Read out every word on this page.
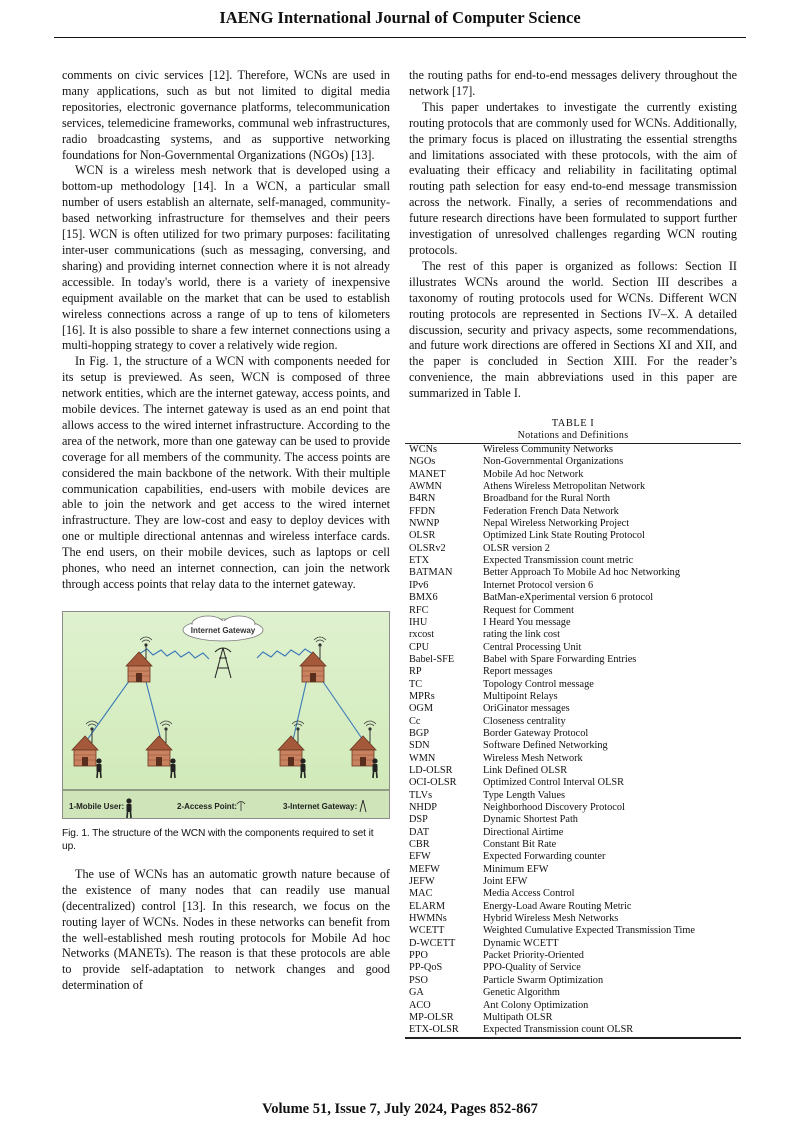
IAENG International Journal of Computer Science

comments on civic services [12]. Therefore, WCNs are used in many applications, such as but not limited to digital media repositories, electronic governance platforms, telecommunication services, telemedicine frameworks, communal web infrastructures, radio broadcasting systems, and as supportive networking foundations for Non-Governmental Organizations (NGOs) [13].

WCN is a wireless mesh network that is developed using a bottom-up methodology [14]. In a WCN, a particular small number of users establish an alternate, self-managed, community-based networking infrastructure for themselves and their peers [15]. WCN is often utilized for two primary purposes: facilitating inter-user communications (such as messaging, conversing, and sharing) and providing internet connection where it is not already accessible. In today's world, there is a variety of inexpensive equipment available on the market that can be used to establish wireless connections across a range of up to tens of kilometers [16]. It is also possible to share a few internet connections using a multi-hopping strategy to cover a relatively wide region.

In Fig. 1, the structure of a WCN with components needed for its setup is previewed. As seen, WCN is composed of three network entities, which are the internet gateway, access points, and mobile devices. The internet gateway is used as an end point that allows access to the wired internet infrastructure. According to the area of the network, more than one gateway can be used to provide coverage for all members of the community. The access points are considered the main backbone of the network. With their multiple communication capabilities, end-users with mobile devices are able to join the network and get access to the wired internet infrastructure. They are low-cost and easy to deploy devices with one or multiple directional antennas and wireless interface cards. The end users, on their mobile devices, such as laptops or cell phones, who need an internet connection, can join the network through access points that relay data to the internet gateway.

Internet Gateway
1-Mobile User:	2-Access Point:	3-Internet Gateway:
Fig. 1. The structure of the WCN with the components required to set it up.

The use of WCNs has an automatic growth nature because of the existence of many nodes that can readily use manual (decentralized) control [13]. In this research, we focus on the routing layer of WCNs. Nodes in these networks can benefit from the well-established mesh routing protocols for Mobile Ad hoc Networks (MANETs). The reason is that these protocols are able to provide self-adaptation to network changes and good determination of

the routing paths for end-to-end messages delivery throughout the network [17].

This paper undertakes to investigate the currently existing routing protocols that are commonly used for WCNs. Additionally, the primary focus is placed on illustrating the essential strengths and limitations associated with these protocols, with the aim of evaluating their efficacy and reliability in facilitating optimal routing path selection for easy end-to-end message transmission across the network. Finally, a series of recommendations and future research directions have been formulated to support further investigation of unresolved challenges regarding WCN routing protocols.

The rest of this paper is organized as follows: Section II illustrates WCNs around the world. Section III describes a taxonomy of routing protocols used for WCNs. Different WCN routing protocols are represented in Sections IV–X. A detailed discussion, security and privacy aspects, some recommendations, and future work directions are offered in Sections XI and XII, and the paper is concluded in Section XIII. For the reader’s convenience, the main abbreviations used in this paper are summarized in Table I.

TABLE I
Notations and Definitions
WCNs	Wireless Community Networks
NGOs	Non-Governmental Organizations
MANET	Mobile Ad hoc Network
AWMN	Athens Wireless Metropolitan Network
B4RN	Broadband for the Rural North
FFDN	Federation French Data Network
NWNP	Nepal Wireless Networking Project
OLSR	Optimized Link State Routing Protocol
OLSRv2	OLSR version 2
ETX	Expected Transmission count metric
BATMAN	Better Approach To Mobile Ad hoc Networking
IPv6	Internet Protocol version 6
BMX6	BatMan-eXperimental version 6 protocol
RFC	Request for Comment
IHU	I Heard You message
rxcost	rating the link cost
CPU	Central Processing Unit
Babel-SFE	Babel with Spare Forwarding Entries
RP	Report messages
TC	Topology Control message
MPRs	Multipoint Relays
OGM	OriGinator messages
Cc	Closeness centrality
BGP	Border Gateway Protocol
SDN	Software Defined Networking
WMN	Wireless Mesh Network
LD-OLSR	Link Defined OLSR
OCI-OLSR	Optimized Control Interval OLSR
TLVs	Type Length Values
NHDP	Neighborhood Discovery Protocol
DSP	Dynamic Shortest Path
DAT	Directional Airtime
CBR	Constant Bit Rate
EFW	Expected Forwarding counter
MEFW	Minimum EFW
JEFW	Joint EFW
MAC	Media Access Control
ELARM	Energy-Load Aware Routing Metric
HWMNs	Hybrid Wireless Mesh Networks
WCETT	Weighted Cumulative Expected Transmission Time
D-WCETT	Dynamic WCETT
PPO	Packet Priority-Oriented
PP-QoS	PPO-Quality of Service
PSO	Particle Swarm Optimization
GA	Genetic Algorithm
ACO	Ant Colony Optimization
MP-OLSR	Multipath OLSR
ETX-OLSR	Expected Transmission count OLSR
Volume 51, Issue 7, July 2024, Pages 852-867
